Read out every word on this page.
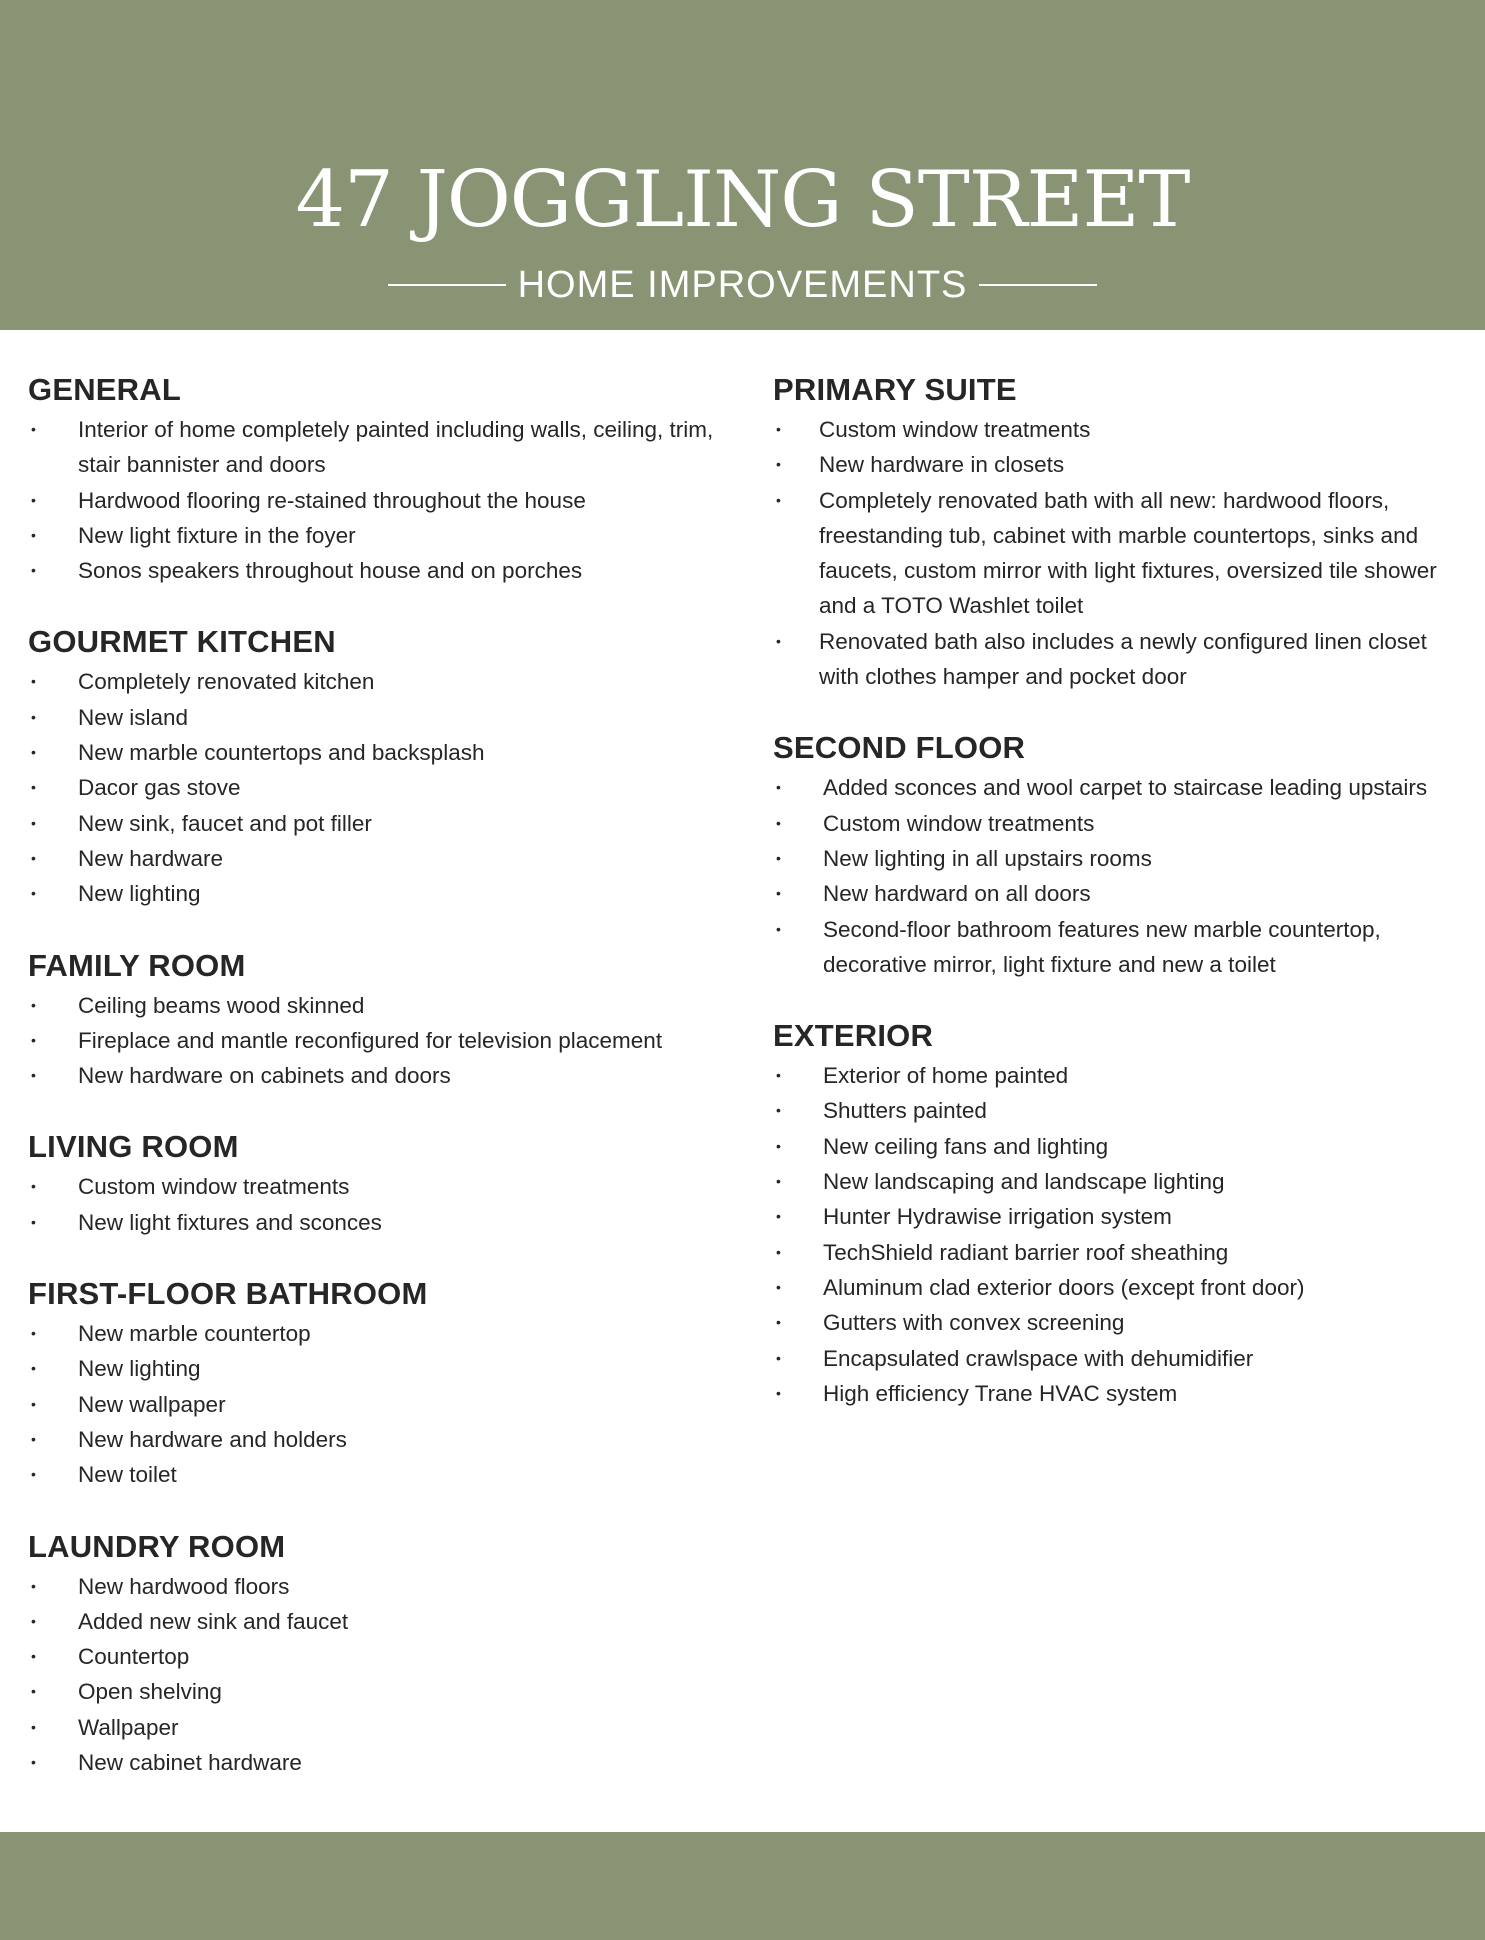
47 JOGGLING STREET
HOME IMPROVEMENTS
GENERAL
• Interior of home completely painted including walls, ceiling, trim, stair bannister and doors
• Hardwood flooring re-stained throughout the house
• New light fixture in the foyer
• Sonos speakers throughout house and on porches
GOURMET KITCHEN
• Completely renovated kitchen
• New island
• New marble countertops and backsplash
• Dacor gas stove
• New sink, faucet and pot filler
• New hardware
• New lighting
FAMILY ROOM
• Ceiling beams wood skinned
• Fireplace and mantle reconfigured for television placement
• New hardware on cabinets and doors
LIVING ROOM
• Custom window treatments
• New light fixtures and sconces
FIRST-FLOOR BATHROOM
• New marble countertop
• New lighting
• New wallpaper
• New hardware and holders
• New toilet
LAUNDRY ROOM
• New hardwood floors
• Added new sink and faucet
• Countertop
• Open shelving
• Wallpaper
• New cabinet hardware
PRIMARY SUITE
• Custom window treatments
• New hardware in closets
• Completely renovated bath with all new: hardwood floors, freestanding tub, cabinet with marble countertops, sinks and faucets, custom mirror with light fixtures, oversized tile shower and a TOTO Washlet toilet
• Renovated bath also includes a newly configured linen closet with clothes hamper and pocket door
SECOND FLOOR
• Added sconces and wool carpet to staircase leading upstairs
• Custom window treatments
• New lighting in all upstairs rooms
• New hardward on all doors
• Second-floor bathroom features new marble countertop, decorative mirror, light fixture and new a toilet
EXTERIOR
• Exterior of home painted
• Shutters painted
• New ceiling fans and lighting
• New landscaping and landscape lighting
• Hunter Hydrawise irrigation system
• TechShield radiant barrier roof sheathing
• Aluminum clad exterior doors (except front door)
• Gutters with convex screening
• Encapsulated crawlspace with dehumidifier
• High efficiency Trane HVAC system
